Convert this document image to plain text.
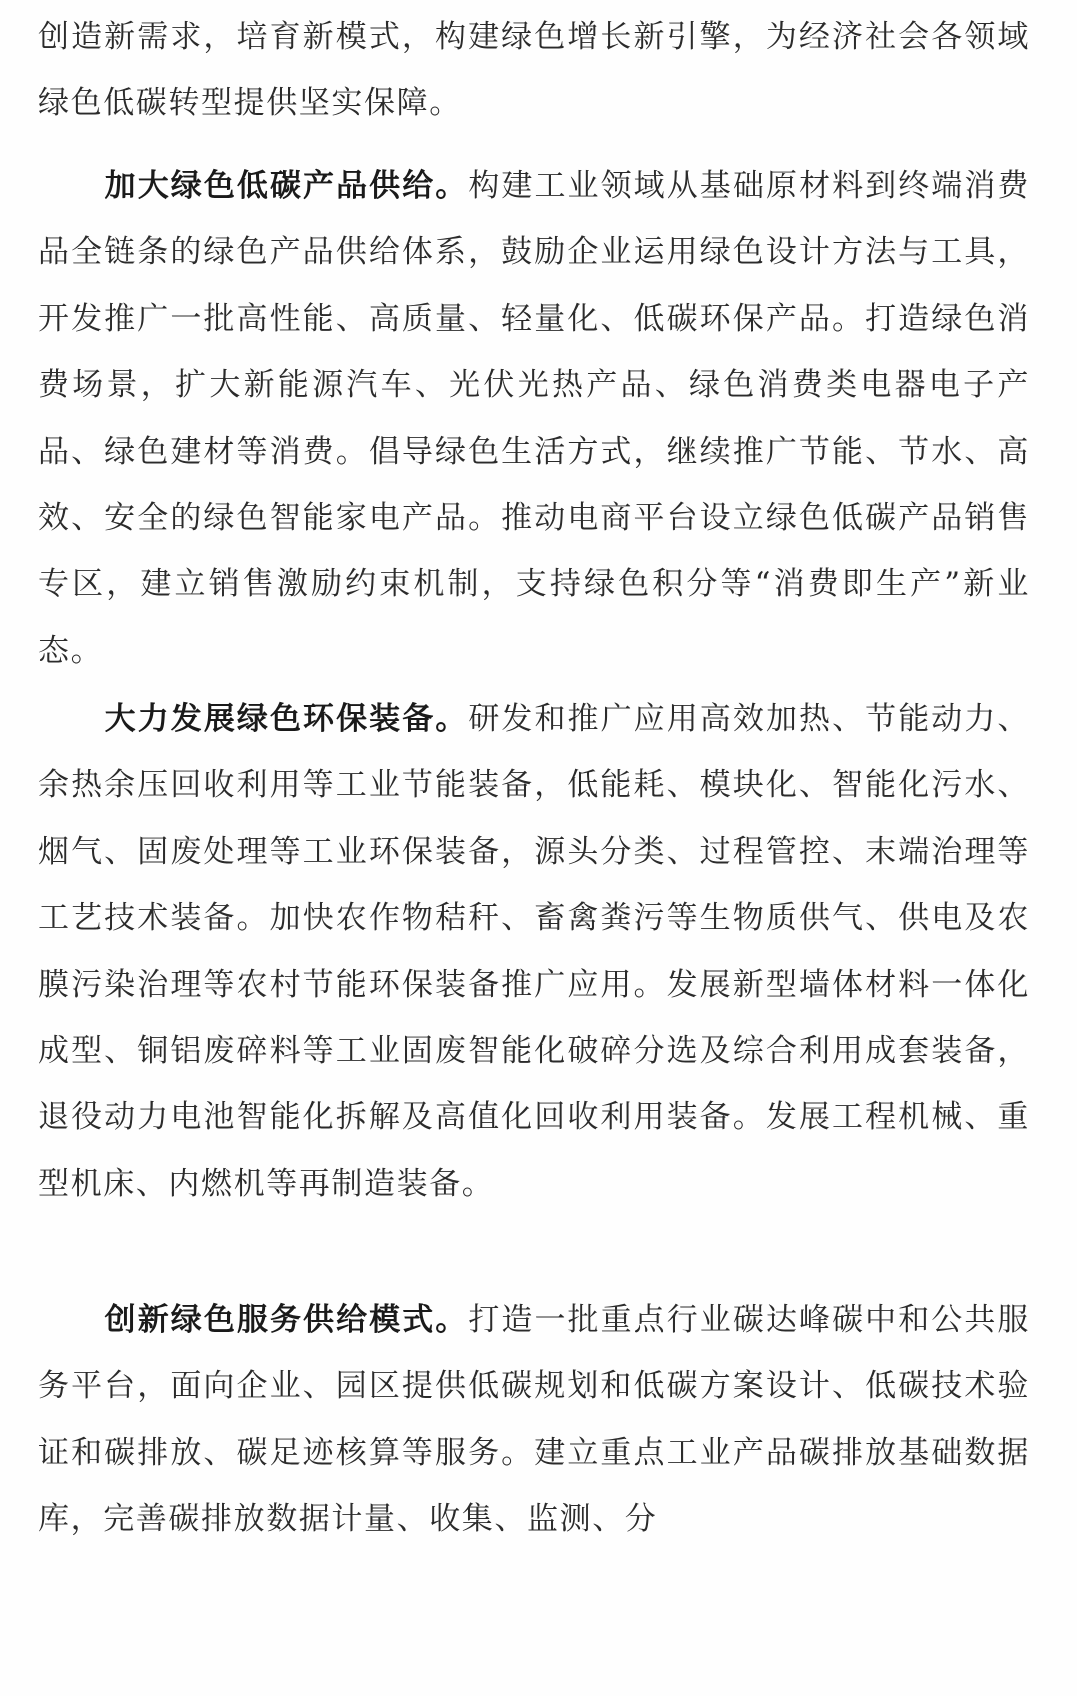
创造新需求，培育新模式，构建绿色增长新引擎，为经济社会各领域绿色低碳转型提供坚实保障。

加大绿色低碳产品供给。构建工业领域从基础原材料到终端消费品全链条的绿色产品供给体系，鼓励企业运用绿色设计方法与工具，开发推广一批高性能、高质量、轻量化、低碳环保产品。打造绿色消费场景，扩大新能源汽车、光伏光热产品、绿色消费类电器电子产品、绿色建材等消费。倡导绿色生活方式，继续推广节能、节水、高效、安全的绿色智能家电产品。推动电商平台设立绿色低碳产品销售专区，建立销售激励约束机制，支持绿色积分等“消费即生产”新业态。

大力发展绿色环保装备。研发和推广应用高效加热、节能动力、余热余压回收利用等工业节能装备，低能耗、模块化、智能化污水、烟气、固废处理等工业环保装备，源头分类、过程管控、末端治理等工艺技术装备。加快农作物秸秆、畜禽粪污等生物质供气、供电及农膜污染治理等农村节能环保装备推广应用。发展新型墙体材料一体化成型、铜铝废碎料等工业固废智能化破碎分选及综合利用成套装备，退役动力电池智能化拆解及高值化回收利用装备。发展工程机械、重型机床、内燃机等再制造装备。

创新绿色服务供给模式。打造一批重点行业碳达峰碳中和公共服务平台，面向企业、园区提供低碳规划和低碳方案设计、低碳技术验证和碳排放、碳足迹核算等服务。建立重点工业产品碳排放基础数据库，完善碳排放数据计量、收集、监测、分
